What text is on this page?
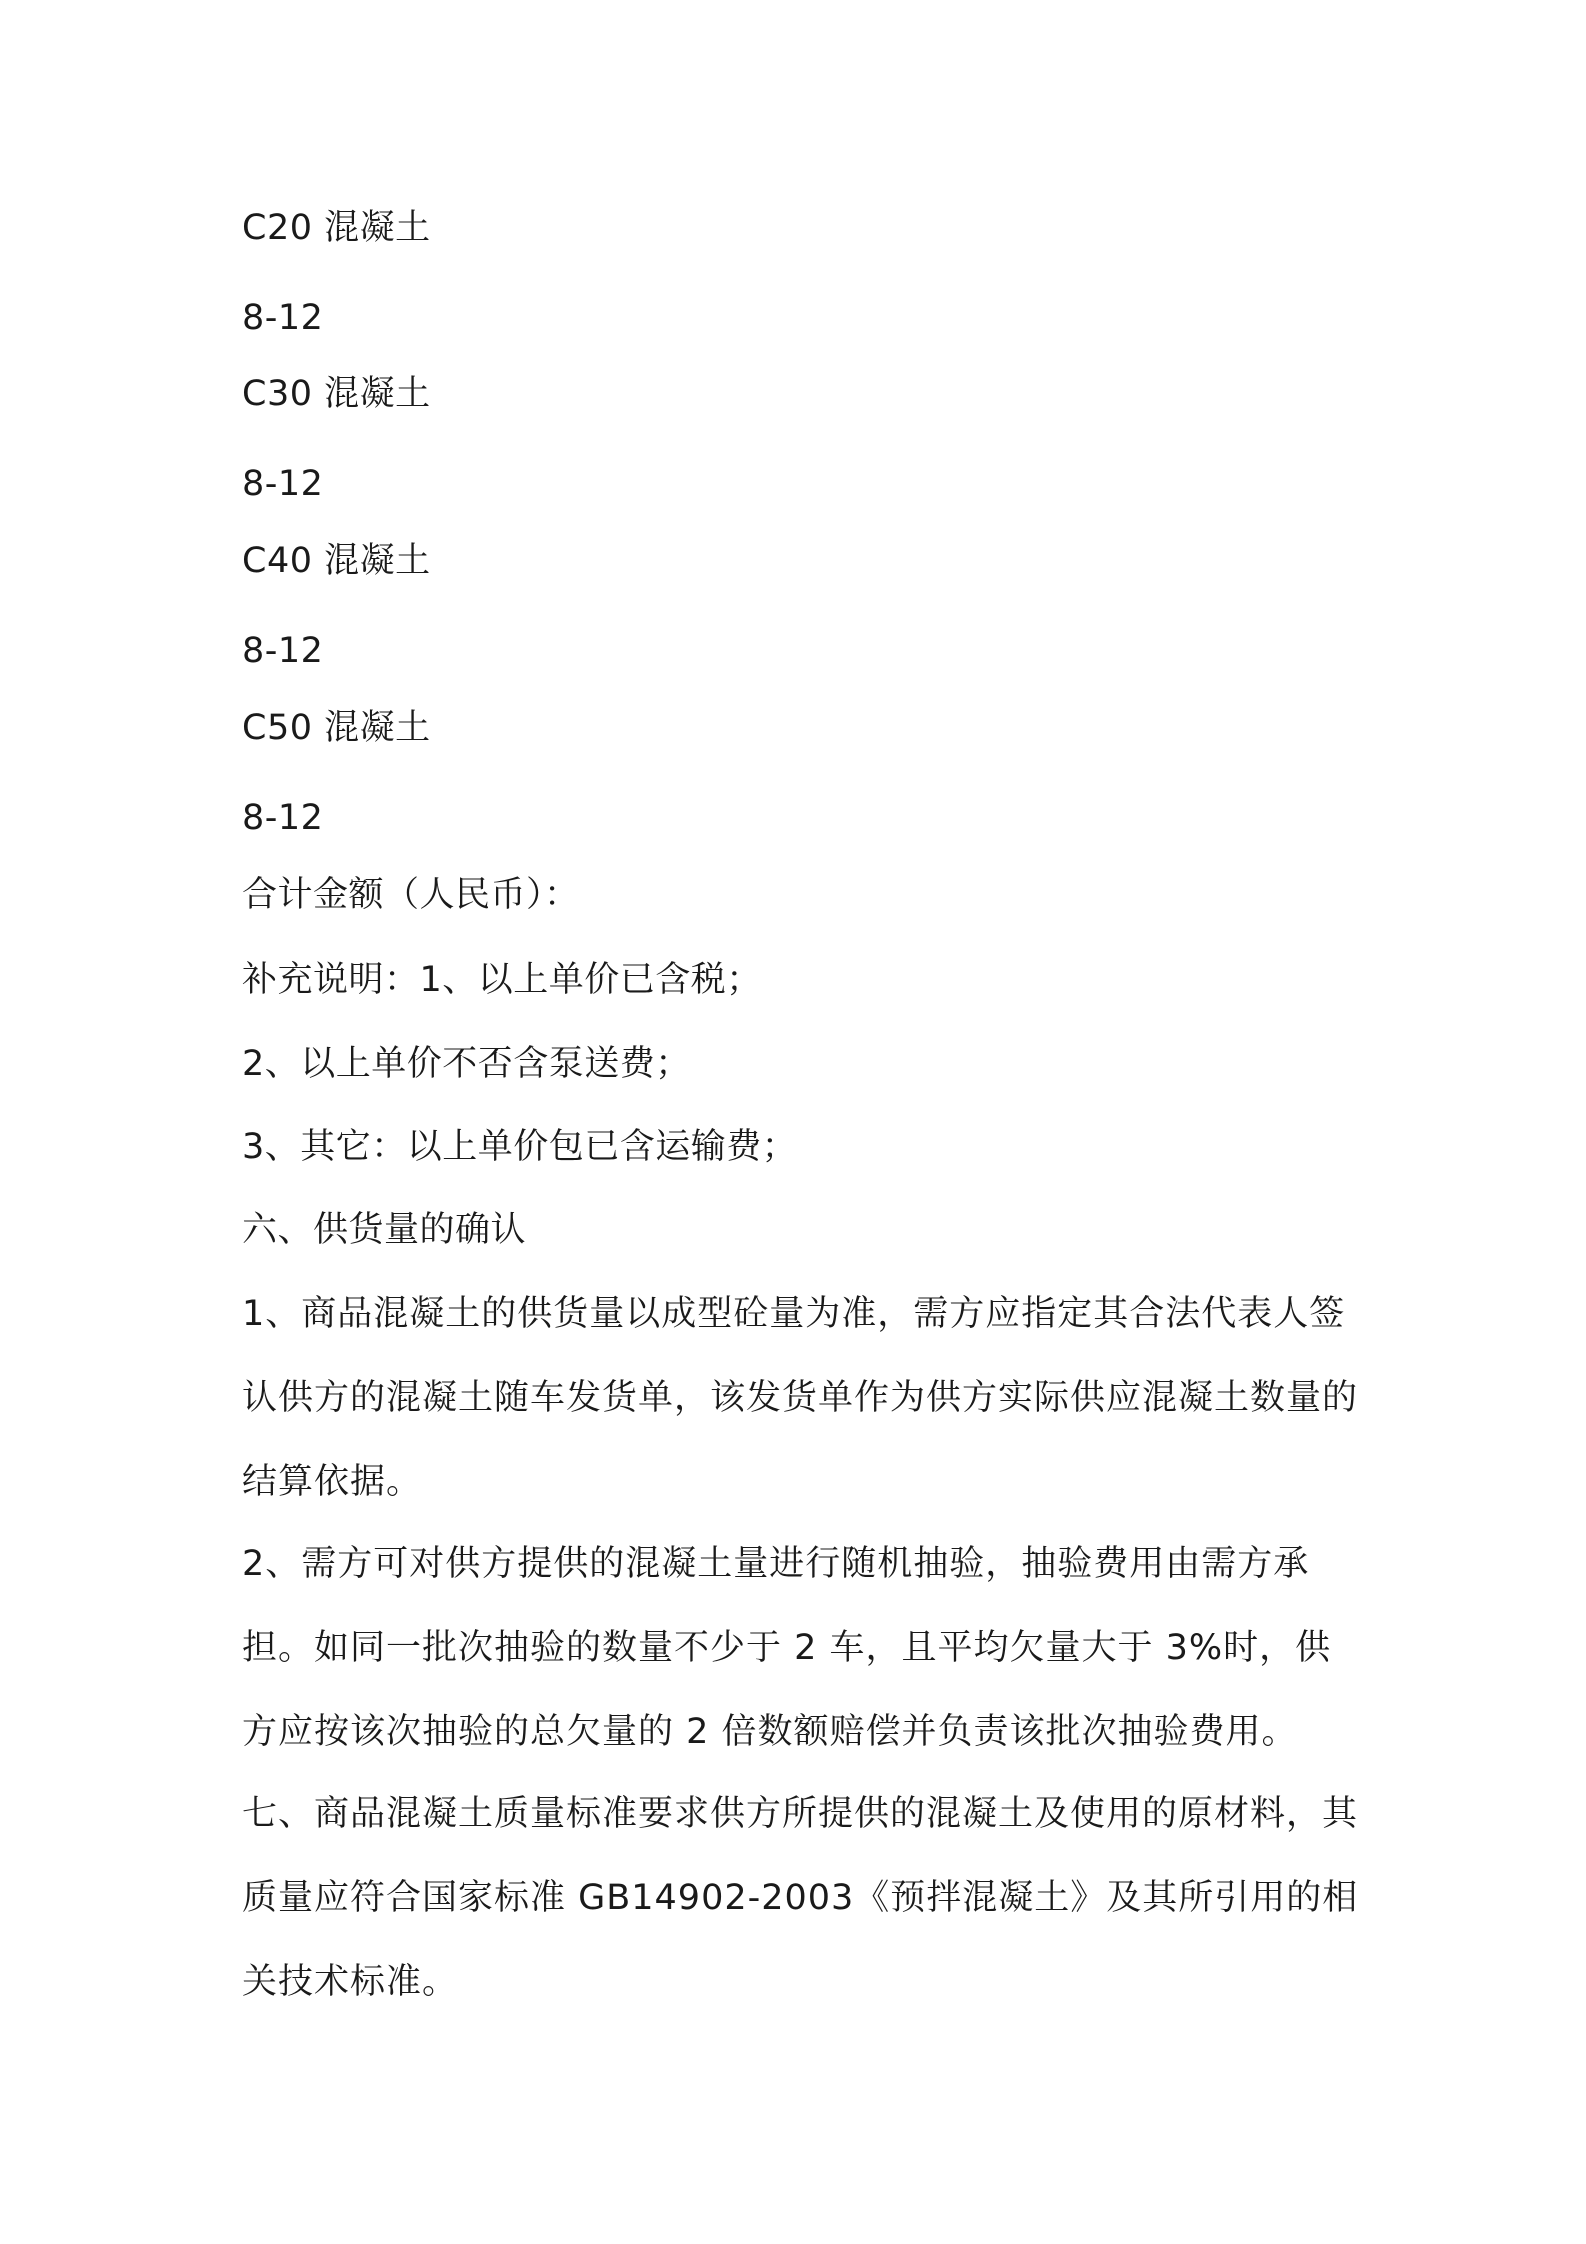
C20 混凝土
8-12
C30 混凝土
8-12
C40 混凝土
8-12
C50 混凝土
8-12
合计金额（人民币）：
补充说明：1、以上单价已含税；
2、以上单价不否含泵送费；
3、其它：以上单价包已含运输费；
六、供货量的确认
1、商品混凝土的供货量以成型砼量为准，需方应指定其合法代表人签认供方的混凝土随车发货单，该发货单作为供方实际供应混凝土数量的结算依据。
2、需方可对供方提供的混凝土量进行随机抽验，抽验费用由需方承担。如同一批次抽验的数量不少于 2 车，且平均欠量大于 3%时，供方应按该次抽验的总欠量的 2 倍数额赔偿并负责该批次抽验费用。
七、商品混凝土质量标准要求供方所提供的混凝土及使用的原材料，其质量应符合国家标准 GB14902-2003《预拌混凝土》及其所引用的相关技术标准。
